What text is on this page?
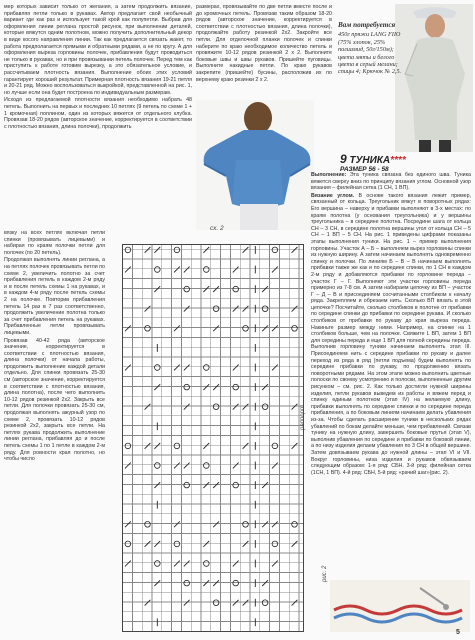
Вам потребуется
450г пряжи LANG FIIO (75% хлопок, 25% полиамид, 50г/150м);
цвета мяты и белого цвета в серый мелани;
спицы 4; Крючок № 2,5.

мер которых зависит только от желания, а затем продолжить вязание, прибавляя петли только в рукавах. Автор предлагает свой необычный вариант где как раз и использует такой крой как полупетли. Выбрав для оформления линии реглана простой рисунок, при выполнении деталей, которые вяжутся одним полотном, можно получить дополнительный декор в виде косого направления линии. Так как предлагается связать жакет, то работа предполагается прямыми и обратными рядами, а не по кругу. А для оформления выреза горловины полочек, прибавления будут проводиться не только в рукавах, но и при провязывании петель полочек. Перед тем как приступить к работе готовим вырезку, а это обязательное условие, и рассчитываем плотность вязания. Выполнение обоих этих условий гарантирует хороший результат. Примерная плотность вязания 19-21 петля и 20-21 ряд. Можно воспользоваться выкройкой, представленной на рис. 1, но лучше если она будет построена по индивидуальным размерам.

Исходя из предлагаемой плотности вязания необходимо набрать 48 петель. Выполнить на первых и последних 10 петлях (9 петель по схеме 1 + 1 кромочная) поплином, один из которых вяжется от отдельного клубка. Провязав 18-20 рядов (авторское значение, корректируется в соответствии с плотностью вязания, длина полочки), продолжить

вязку на всех петлях включая петли спинки (провязывать лицевыми) и набирая по краям полочки петли для полочек (по 20 петель).

Продолжая выполнять линии реглана, а на петлях полочек провязывать петли по схеме 2, увеличить полотно за счет прибавления петель в каждом 2-м ряду и в после петель схемы 1 на рукавах, и в каждом 4-м ряду после петель схемы 2 на полочке. Повторив прибавления петель 14 раз в 7 раз соответственно, продолжить увеличение полотна только за счет прибавления петель на рукавах. Прибавленные петли провязывать лицевыми.

Провязав 40-42 ряда (авторское значение, корректируется в соответствии с плотностью вязания, длина полочки) от начала работы, продолжить выполнение каждой детали отдельно. Для спинки провязать 25-30 см (авторское значение, корректируется в соответствии с плотностью вязания, длина полотна), после чего выполнить 10-12 рядов резинкой 2х2. Закрыть все петли. Для полочки провязать 25-30 см, продолжая выполнять ажурный узор по схеме 2, провязать 10-12 рядов резинкой 2х2, закрыть все петли. На петлях рукава продолжить выполнение линии реглана, прибавляя до и после петель схемы 1 по 1 петле в каждом 2-м ряду. Для ровности края полотно, но чтобы число

размерах, провязывайте по две петли вместе после и до кромочных петель. Провязав таким образом 18-20 рядов (авторское значение, корректируется в соответствии с плотностью вязания, длина полочки), продолжайте работу резинкой 2х2. Закройте все петли. Для отделочной планки полочек и спинки наберите по краю необходимое количество петель и провяжите 10-12 рядов резинкой 2 х 2. Выполните боковые швы и швы рукавов. Пришейте пуговицы. Выполните накидные петли. По краю рукавов закрепите (пришейте) бусины, расположив их по верхнему краю резинки 2 х 2.

9 ТУНИКА****
РАЗМЕР 56 - 58

Выполнение: Эта туника связана без единого шва. Туника вяжется сверху вниз по принципу вязания углом. Основной узор вязания – филейная сетка (1 СН, 1 ВП).

Вязание углом. В основе такого вязания лежит пример, связанный от кольца. Треугольник вяжут в поворотных рядах: Его вершина – наверху и прибавки выполняют в 3-х местах: по краям полотна (у основания треугольника) и у вершины треугольника – в середине полотна. Посредине шага от кольца СН – 3 СН, в середине полотна вершины угол от кольца СН – 5 СН – 1 ВП – 5 СН. На рис. 1 приведены цифрами показаны этапы выполнения туники. На рис. 1 – пример выполнения горловины. Участок А – Б – выполняем вырез горловины спинки из нужную ширину. А затем начинаем выполнять одновременно спинку и полочки. По линиям Б – В – В начинаем выполнять прибавки также же как и по середине спинки, по 1 СН в каждом 2-м ряду и добавляются прибавки по горловине переда – участок Г – Г. Выполняют эти участки горловины переда примерно из 7-8 см. А затем набираем цепочку из ВП – участок Г – Д – В и присоединяем сосчитанными столбиком к началу ряда. Закрепляем и обрезаем нить. Сколько ВП вязать в этой цепочке? Посчитайте, сколько столбиков в полотне от прибавки по середине спинки до прибавки по середине рукава. И сколько столбиков от прибавки по рукаву до края выреза переда. Накиньте размер между ними. Например, на спинке на 1 столбиков больше, чем на полочке. Свяжите L ВП, затем 1 ВП для середины переда и еще 1 ВП для полной середины переда. Выполнив горловину туники начинаем выполнять этап III. Присоединяем нить с середине прибавки по рукаву и далее переход из ряда в ряд (петли подъема) будем выполнять по середине прибавки по рукаву, по продолжению вязать поворотными рядами. На этом этапе можно выполнить цветные полоски по своему усмотрению и полоски, выполненные другим рисунком – см. рис. 2. Как только достигли нужной ширины изделия, петли рукавов выведем из работы и вяжем перед и спинку единым полотном (этап IV) на желаемую длину, прибавки выполнять по середине спинки и по середине переда прибавления, а по боковым линиям начинаем делать убавления из-за. Чтобы сделать расширение туники в нескольких рядах убавлений по бокам делайте меньше, чем прибавлений. Связав тунику на нужную длину, завершить боковые прутья (этап V), выполнив убавления по середине и прибавки по боковой линии, а по низу изделия делаем убавления по 3 СН в общей вершине. Затем довязываем рукава до нужной длины – этап VI и VII. Вокруг горловины, низа изделия и рукавов обвязываем следующим образом: 1-я ряд: СБН. 3-й ряд: филейная сетка (1СН, 1 ВП). 4-й ряд: СБН, 5-й ряд: «рачий шаг»(рис. 2).

сх. 2
раппорт
рис. 2
5
